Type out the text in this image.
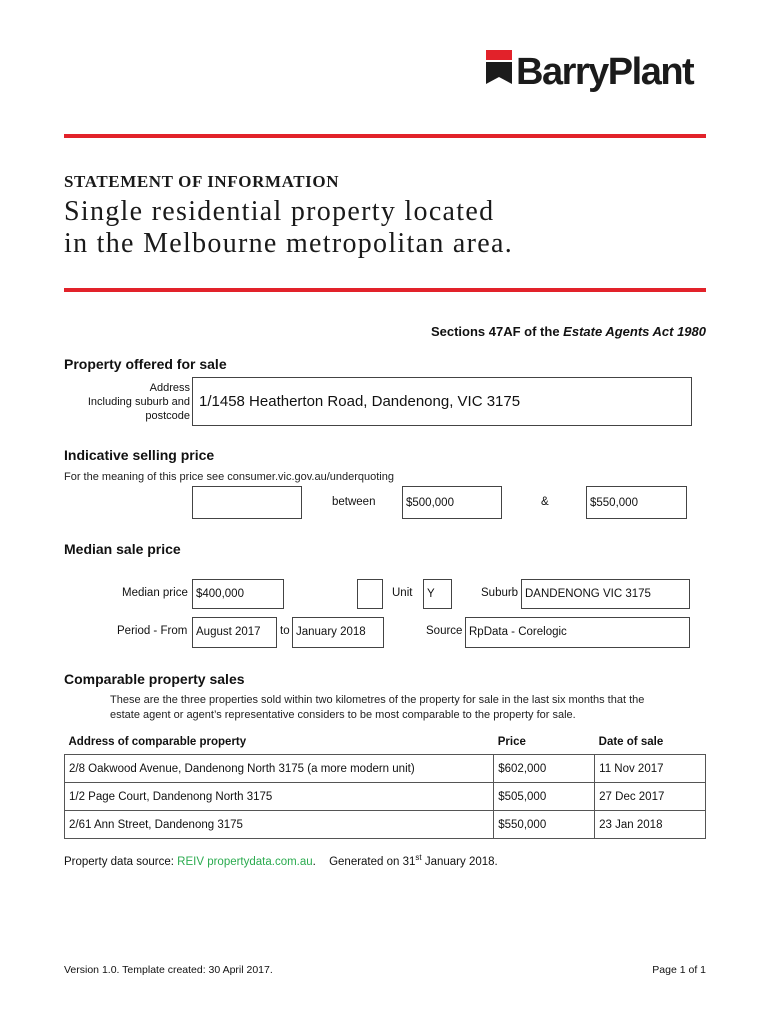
BarryPlant
STATEMENT OF INFORMATION
Single residential property located
in the Melbourne metropolitan area.
Sections 47AF of the Estate Agents Act 1980
Property offered for sale
Address
Including suburb and
postcode
1/1458 Heatherton Road, Dandenong, VIC 3175
Indicative selling price
For the meaning of this price see consumer.vic.gov.au/underquoting
between	$500,000	&	$550,000
Median sale price
Median price $400,000	Unit Y	Suburb DANDENONG VIC 3175
Period - From August 2017 to January 2018	Source RpData - Corelogic
Comparable property sales
These are the three properties sold within two kilometres of the property for sale in the last six months that the
estate agent or agent’s representative considers to be most comparable to the property for sale.
Address of comparable property	Price	Date of sale
2/8 Oakwood Avenue, Dandenong North 3175 (a more modern unit)	$602,000	11 Nov 2017
1/2 Page Court, Dandenong North 3175	$505,000	27 Dec 2017
2/61 Ann Street, Dandenong 3175	$550,000	23 Jan 2018
Property data source: REIV propertydata.com.au. Generated on 31st January 2018.
Version 1.0. Template created: 30 April 2017.	Page 1 of 1
